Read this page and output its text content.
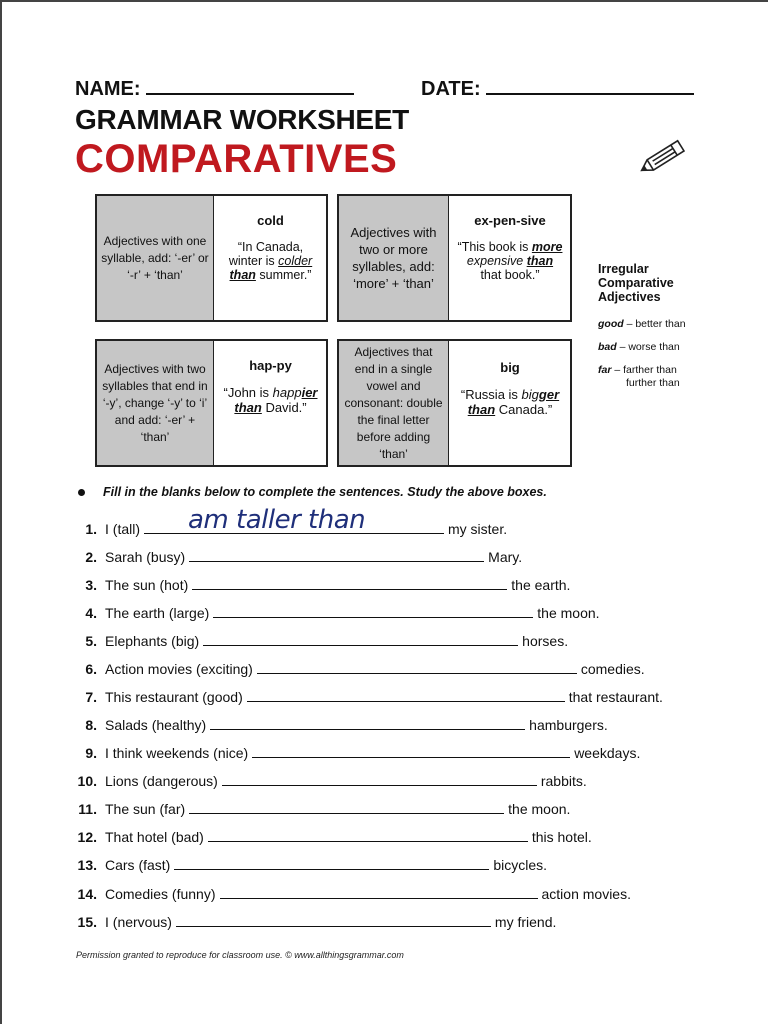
NAME:	DATE:
GRAMMAR WORKSHEET
COMPARATIVES
Adjectives with one syllable, add: ‘-er’ or ‘-r’ + ‘than’
cold
“In Canada, winter is colder than summer.”
Adjectives with two or more syllables, add: ‘more’ + ‘than’
ex-pen-sive
“This book is more expensive than that book.”
Adjectives with two syllables that end in ‘-y’, change ‘-y’ to ‘i’ and add: ‘-er’ + ‘than’
hap-py
“John is happier than David.”
Adjectives that end in a single vowel and consonant: double the final letter before adding ‘than’
big
“Russia is bigger than Canada.”
Irregular Comparative Adjectives
good – better than
bad – worse than
far – farther than
further than
Fill in the blanks below to complete the sentences. Study the above boxes.
am taller than
1. I (tall)	my sister.
2. Sarah (busy)	Mary.
3. The sun (hot)	the earth.
4. The earth (large)	the moon.
5. Elephants (big)	horses.
6. Action movies (exciting)	comedies.
7. This restaurant (good)	that restaurant.
8. Salads (healthy)	hamburgers.
9. I think weekends (nice)	weekdays.
10. Lions (dangerous)	rabbits.
11. The sun (far)	the moon.
12. That hotel (bad)	this hotel.
13. Cars (fast)	bicycles.
14. Comedies (funny)	action movies.
15. I (nervous)	my friend.
Permission granted to reproduce for classroom use. © www.allthingsgrammar.com
